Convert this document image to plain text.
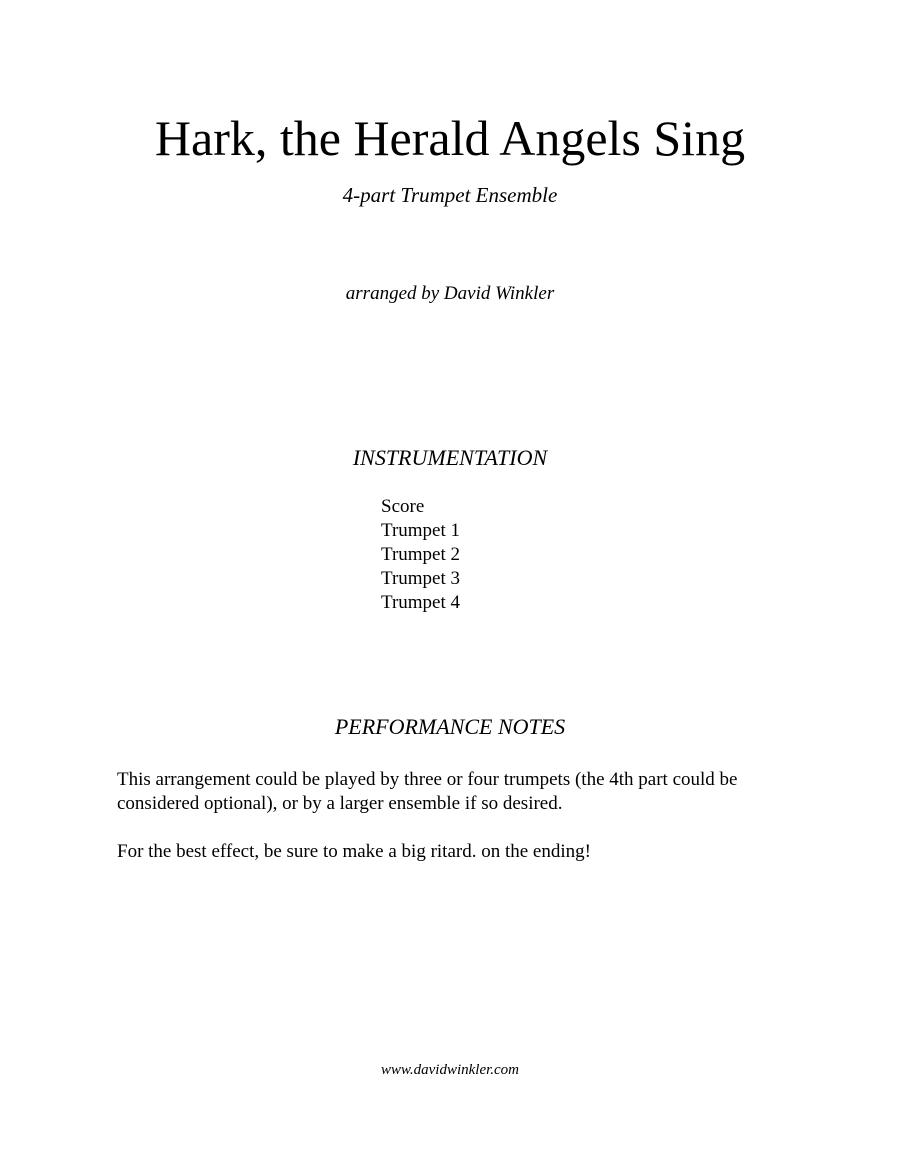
Hark, the Herald Angels Sing
4-part Trumpet Ensemble
arranged by David Winkler
INSTRUMENTATION
Score
Trumpet 1
Trumpet 2
Trumpet 3
Trumpet 4
PERFORMANCE NOTES

This arrangement could be played by three or four trumpets (the 4th part could be considered optional), or by a larger ensemble if so desired.

For the best effect, be sure to make a big ritard. on the ending!

www.davidwinkler.com
